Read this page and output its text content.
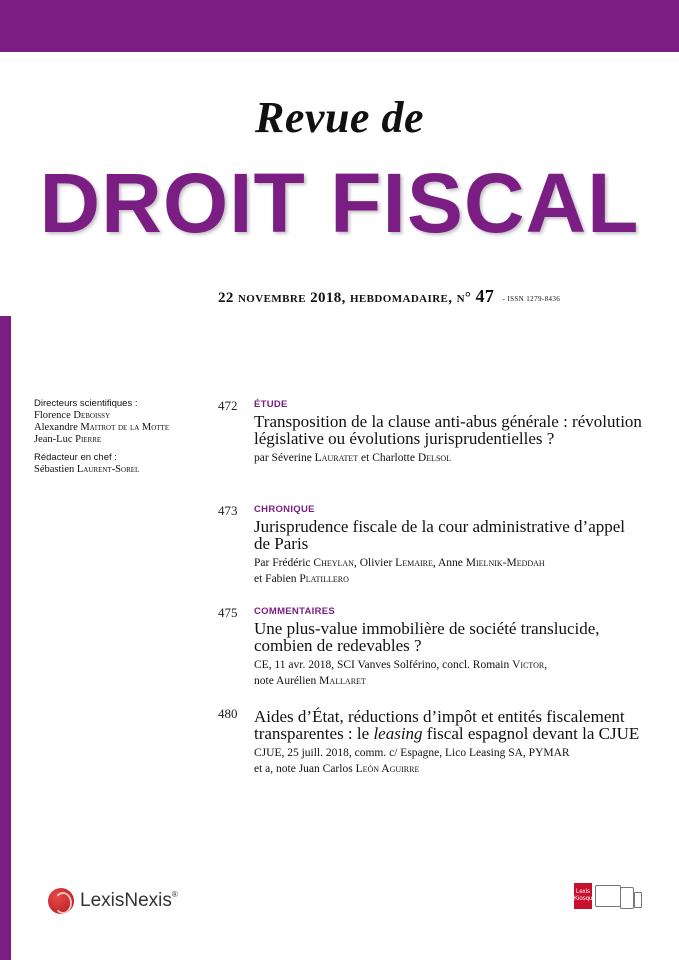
Revue de
DROIT FISCAL
22 novembre 2018, hebdomadaire, n° 47 - ISSN 1279-8436
Directeurs scientifiques :
Florence Deboissy
Alexandre Maitrot de la Motte
Jean-Luc Pierre
Rédacteur en chef :
Sébastien Laurent-Sorel
472	ÉTUDE
Transposition de la clause anti-abus générale : révolution législative ou évolutions jurisprudentielles ?
par Séverine Lauratet et Charlotte Delsol
473	CHRONIQUE
Jurisprudence fiscale de la cour administrative d’appel de Paris
Par Frédéric Cheylan, Olivier Lemaire, Anne Mielnik-Meddah
et Fabien Platillero
475	COMMENTAIRES
Une plus-value immobilière de société translucide, combien de redevables ?
CE, 11 avr. 2018, SCI Vanves Solférino, concl. Romain Victor,
note Aurélien Mallaret
480 Aides d’État, réductions d’impôt et entités fiscalement transparentes : le leasing fiscal espagnol devant la CJUE
CJUE, 25 juill. 2018, comm. c/ Espagne, Lico Leasing SA, PYMAR
et a, note Juan Carlos León Aguirre
LexisNexis®	Lexis
Kiosque
